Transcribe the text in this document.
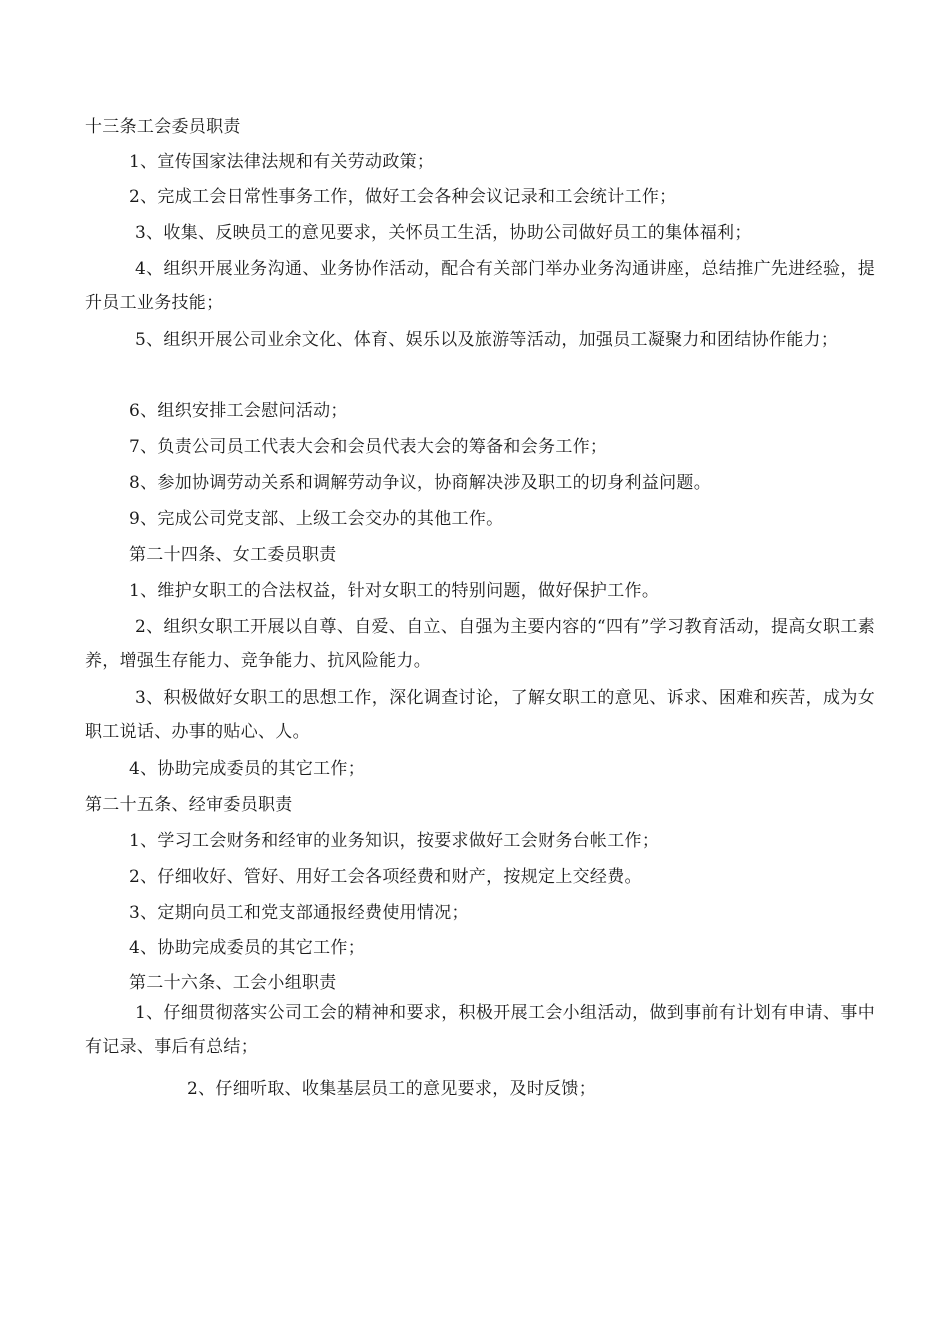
十三条工会委员职责
1、宣传国家法律法规和有关劳动政策；
2、完成工会日常性事务工作，做好工会各种会议记录和工会统计工作；
3、收集、反映员工的意见要求，关怀员工生活，协助公司做好员工的集体福利；
4、组织开展业务沟通、业务协作活动，配合有关部门举办业务沟通讲座，总结推广先进经验，提升员工业务技能；
5、组织开展公司业余文化、体育、娱乐以及旅游等活动，加强员工凝聚力和团结协作能力；
6、组织安排工会慰问活动；
7、负责公司员工代表大会和会员代表大会的筹备和会务工作；
8、参加协调劳动关系和调解劳动争议，协商解决涉及职工的切身利益问题。
9、完成公司党支部、上级工会交办的其他工作。
第二十四条、女工委员职责
1、维护女职工的合法权益，针对女职工的特别问题，做好保护工作。
2、组织女职工开展以自尊、自爱、自立、自强为主要内容的“四有”学习教育活动，提高女职工素养，增强生存能力、竞争能力、抗风险能力。
3、积极做好女职工的思想工作，深化调查讨论，了解女职工的意见、诉求、困难和疾苦，成为女职工说话、办事的贴心、人。
4、协助完成委员的其它工作；
第二十五条、经审委员职责
1、学习工会财务和经审的业务知识，按要求做好工会财务台帐工作；
2、仔细收好、管好、用好工会各项经费和财产，按规定上交经费。
3、定期向员工和党支部通报经费使用情况；
4、协助完成委员的其它工作；
第二十六条、工会小组职责
1、仔细贯彻落实公司工会的精神和要求，积极开展工会小组活动，做到事前有计划有申请、事中有记录、事后有总结；
2、仔细听取、收集基层员工的意见要求，及时反馈；
